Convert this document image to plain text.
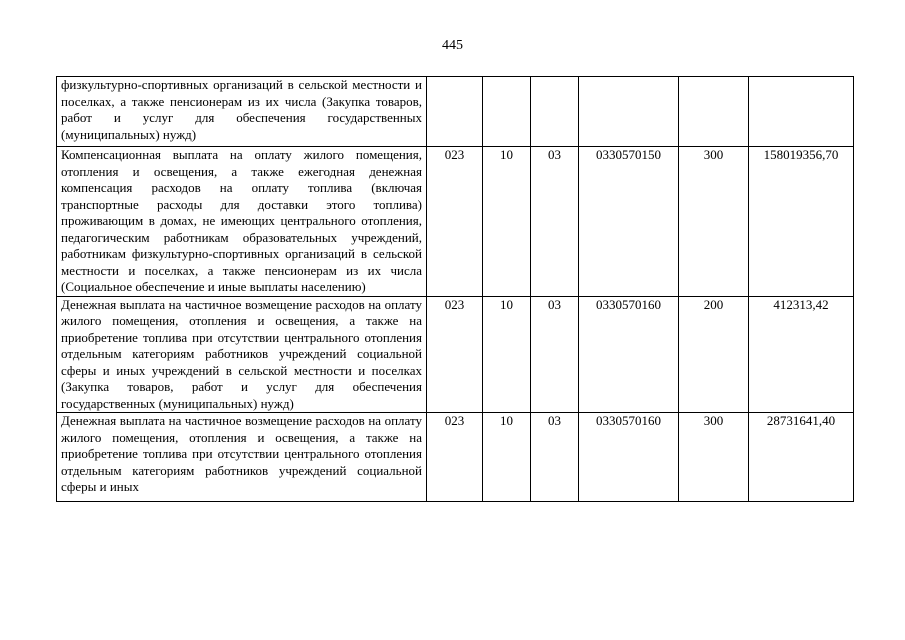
445
физкультурно-спортивных организаций в сельской местности и поселках, а также пенсионерам из их числа (Закупка товаров, работ и услуг для обеспечения государственных (муниципальных) нужд)						
Компенсационная выплата на оплату жилого помещения, отопления и освещения, а также ежегодная денежная компенсация расходов на оплату топлива (включая транспортные расходы для доставки этого топлива) проживающим в домах, не имеющих центрального отопления, педагогическим работникам образовательных учреждений, работникам физкультурно-спортивных организаций в сельской местности и поселках, а также пенсионерам из их числа (Социальное обеспечение и иные выплаты населению)	023	10	03	0330570150	300	158019356,70
Денежная выплата на частичное возмещение расходов на оплату жилого помещения, отопления и освещения, а также на приобретение топлива при отсутствии центрального отопления отдельным категориям работников учреждений социальной сферы и иных учреждений в сельской местности и поселках (Закупка товаров, работ и услуг для обеспечения государственных (муниципальных) нужд)	023	10	03	0330570160	200	412313,42

Денежная выплата на частичное возмещение расходов на оплату жилого помещения, отопления и освещения, а также на приобретение топлива при отсутствии центрального отопления отдельным категориям работников учреждений социальной сферы и иных	023	10	03	0330570160	300	28731641,40
